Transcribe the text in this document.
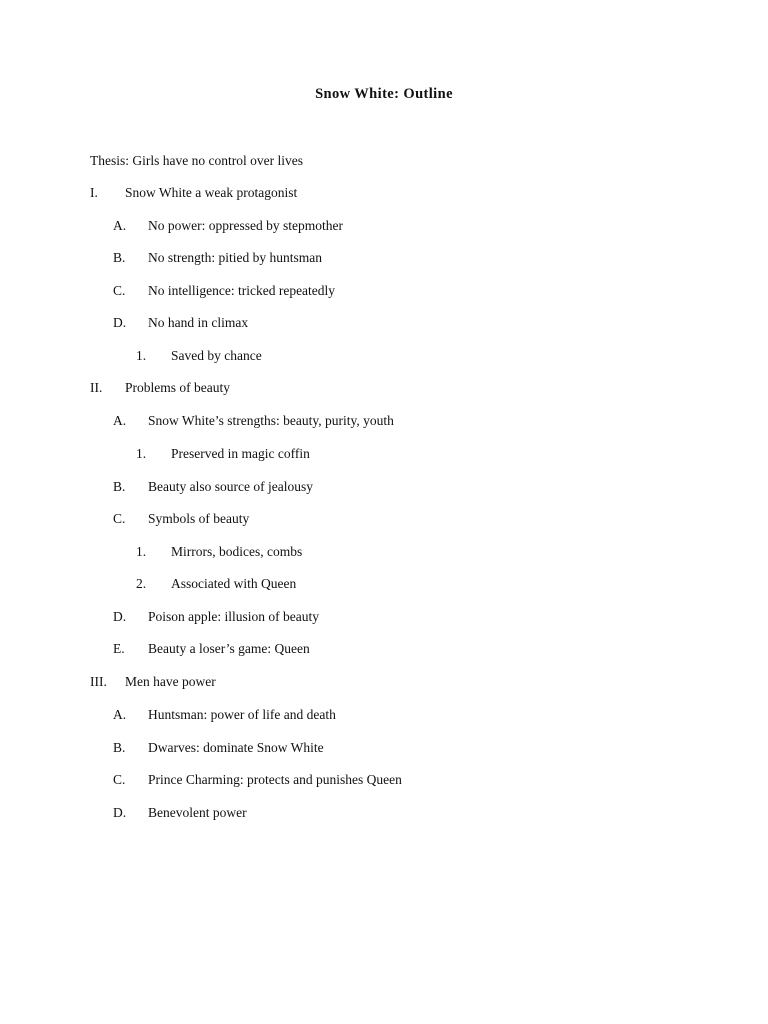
Snow White: Outline
Thesis: Girls have no control over lives
I. Snow White a weak protagonist
A. No power: oppressed by stepmother
B. No strength: pitied by huntsman
C. No intelligence: tricked repeatedly
D. No hand in climax
1. Saved by chance
II. Problems of beauty
A. Snow White’s strengths: beauty, purity, youth
1. Preserved in magic coffin
B. Beauty also source of jealousy
C. Symbols of beauty
1. Mirrors, bodices, combs
2. Associated with Queen
D. Poison apple: illusion of beauty
E. Beauty a loser’s game: Queen
III. Men have power
A. Huntsman: power of life and death
B. Dwarves: dominate Snow White
C. Prince Charming: protects and punishes Queen
D. Benevolent power
